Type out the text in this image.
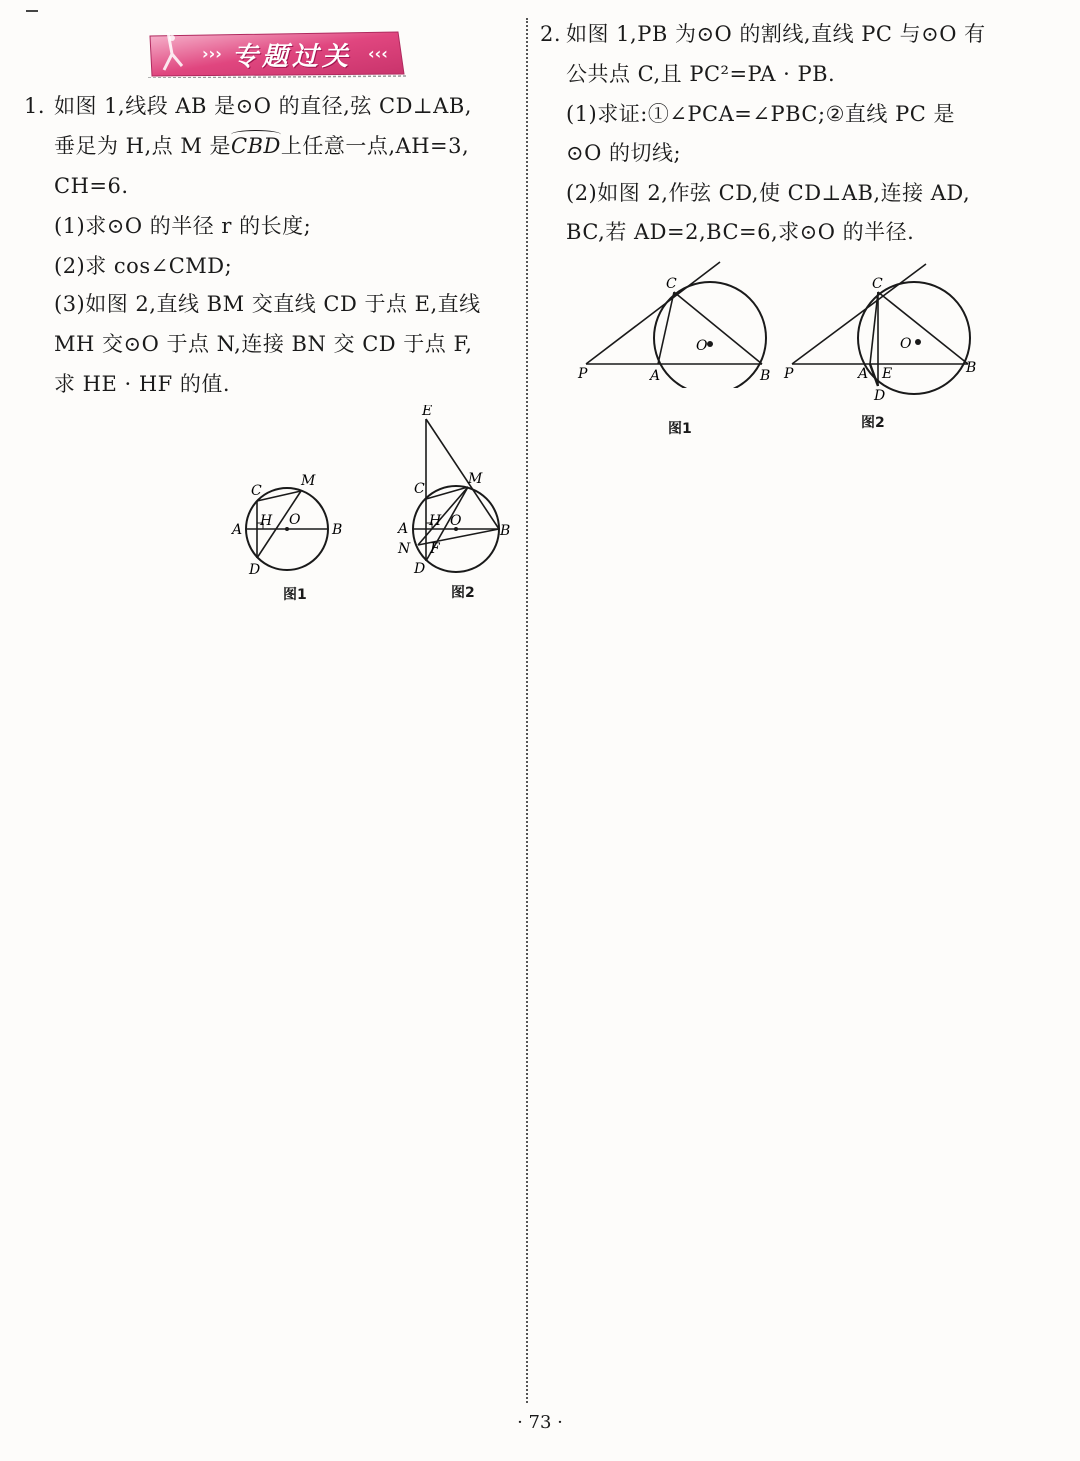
››› 专题过关 ‹‹‹
1. 如图 1,线段 AB 是⊙O 的直径,弦 CD⊥AB,
垂足为 H,点 M 是CBD上任意一点,AH=3,
CH=6.
(1)求⊙O 的半径 r 的长度;
(2)求 cos∠CMD;
(3)如图 2,直线 BM 交直线 CD 于点 E,直线
MH 交⊙O 于点 N,连接 BN 交 CD 于点 F,
求 HE · HF 的值.
C
M
A
H O
B
D
图1
E
C
M
A H O
B
N F
D
图2
2. 如图 1,PB 为⊙O 的割线,直线 PC 与⊙O 有
公共点 C,且 PC²=PA · PB.
(1)求证:①∠PCA=∠PBC;②直线 PC 是
⊙O 的切线;
(2)如图 2,作弦 CD,使 CD⊥AB,连接 AD,
BC,若 AD=2,BC=6,求⊙O 的半径.
C
O
P	A	B
图1
C
O
P	A E	B
D
图2
· 73 ·
